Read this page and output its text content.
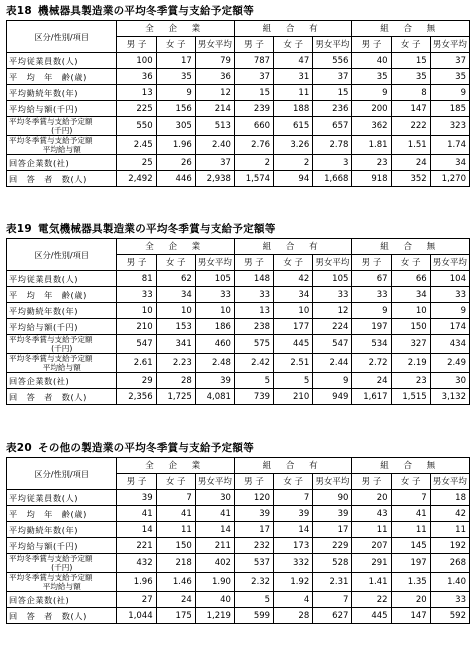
表18 機械器具製造業の平均冬季賞与支給予定額等
区分/性別/項目	全 企 業			組 合 有			組 合 無		
	男 子	女 子	男女平均	男 子	女 子	男女平均	男 子	女 子	男女平均

平均従業員数(人)	100	17	79	787	47	556	40	15	37

平　均　年　齢(歳)	36	35	36	37	31	37	35	35	35

平均勤続年数(年)	13	9	12	15	11	15	9	8	9

平均給与額(千円)	225	156	214	239	188	236	200	147	185

平均冬季賞与支給予定額
(千円)	550	305	513	660	615	657	362	222	323

平均冬季賞与支給予定額
平均給与額	2.45	1.96	2.40	2.76	3.26	2.78	1.81	1.51	1.74

回答企業数(社)	25	26	37	2	2	3	23	24	34

回　答　者　数(人)	2,492	446	2,938	1,574	94	1,668	918	352	1,270
表19 電気機械器具製造業の平均冬季賞与支給予定額等
区分/性別/項目	全 企 業			組 合 有			組 合 無		
	男 子	女 子	男女平均	男 子	女 子	男女平均	男 子	女 子	男女平均

平均従業員数(人)	81	62	105	148	42	105	67	66	104

平　均　年　齢(歳)	33	34	33	33	34	33	33	34	33

平均勤続年数(年)	10	10	10	13	10	12	9	10	9

平均給与額(千円)	210	153	186	238	177	224	197	150	174

平均冬季賞与支給予定額
(千円)	547	341	460	575	445	547	534	327	434

平均冬季賞与支給予定額
平均給与額	2.61	2.23	2.48	2.42	2.51	2.44	2.72	2.19	2.49

回答企業数(社)	29	28	39	5	5	9	24	23	30

回　答　者　数(人)	2,356	1,725	4,081	739	210	949	1,617	1,515	3,132
表20 その他の製造業の平均冬季賞与支給予定額等
区分/性別/項目	全 企 業			組 合 有			組 合 無		
	男 子	女 子	男女平均	男 子	女 子	男女平均	男 子	女 子	男女平均

平均従業員数(人)	39	7	30	120	7	90	20	7	18

平　均　年　齢(歳)	41	41	41	39	39	39	43	41	42

平均勤続年数(年)	14	11	14	17	14	17	11	11	11

平均給与額(千円)	221	150	211	232	173	229	207	145	192

平均冬季賞与支給予定額
(千円)	432	218	402	537	332	528	291	197	268

平均冬季賞与支給予定額
平均給与額	1.96	1.46	1.90	2.32	1.92	2.31	1.41	1.35	1.40

回答企業数(社)	27	24	40	5	4	7	22	20	33

回　答　者　数(人)	1,044	175	1,219	599	28	627	445	147	592
